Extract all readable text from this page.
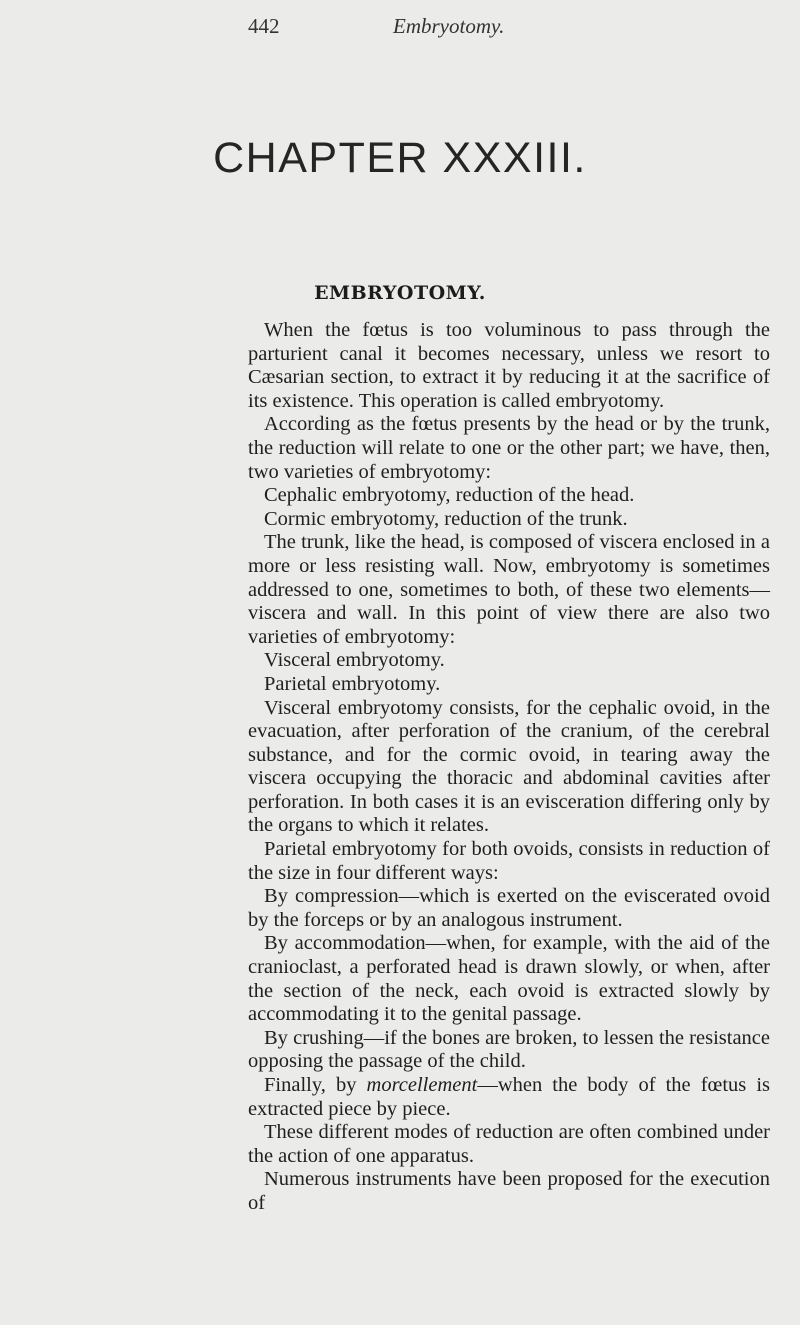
442	Embryotomy.
CHAPTER XXXIII.
EMBRYOTOMY.

When the fœtus is too voluminous to pass through the parturient canal it becomes necessary, unless we resort to Cæsarian section, to extract it by reducing it at the sacrifice of its existence. This operation is called embryotomy.

According as the fœtus presents by the head or by the trunk, the reduction will relate to one or the other part; we have, then, two varieties of embryotomy:

Cephalic embryotomy, reduction of the head.

Cormic embryotomy, reduction of the trunk.

The trunk, like the head, is composed of viscera enclosed in a more or less resisting wall. Now, embryotomy is sometimes addressed to one, sometimes to both, of these two elements—viscera and wall. In this point of view there are also two varieties of embryotomy:

Visceral embryotomy.

Parietal embryotomy.

Visceral embryotomy consists, for the cephalic ovoid, in the evacuation, after perforation of the cranium, of the cerebral substance, and for the cormic ovoid, in tearing away the viscera occupying the thoracic and abdominal cavities after perforation. In both cases it is an evisceration differing only by the organs to which it relates.

Parietal embryotomy for both ovoids, consists in reduction of the size in four different ways:

By compression—which is exerted on the eviscerated ovoid by the forceps or by an analogous instrument.

By accommodation—when, for example, with the aid of the cranioclast, a perforated head is drawn slowly, or when, after the section of the neck, each ovoid is extracted slowly by accommodating it to the genital passage.

By crushing—if the bones are broken, to lessen the resistance opposing the passage of the child.

Finally, by morcellement—when the body of the fœtus is extracted piece by piece.

These different modes of reduction are often combined under the action of one apparatus.

Numerous instruments have been proposed for the execution of
